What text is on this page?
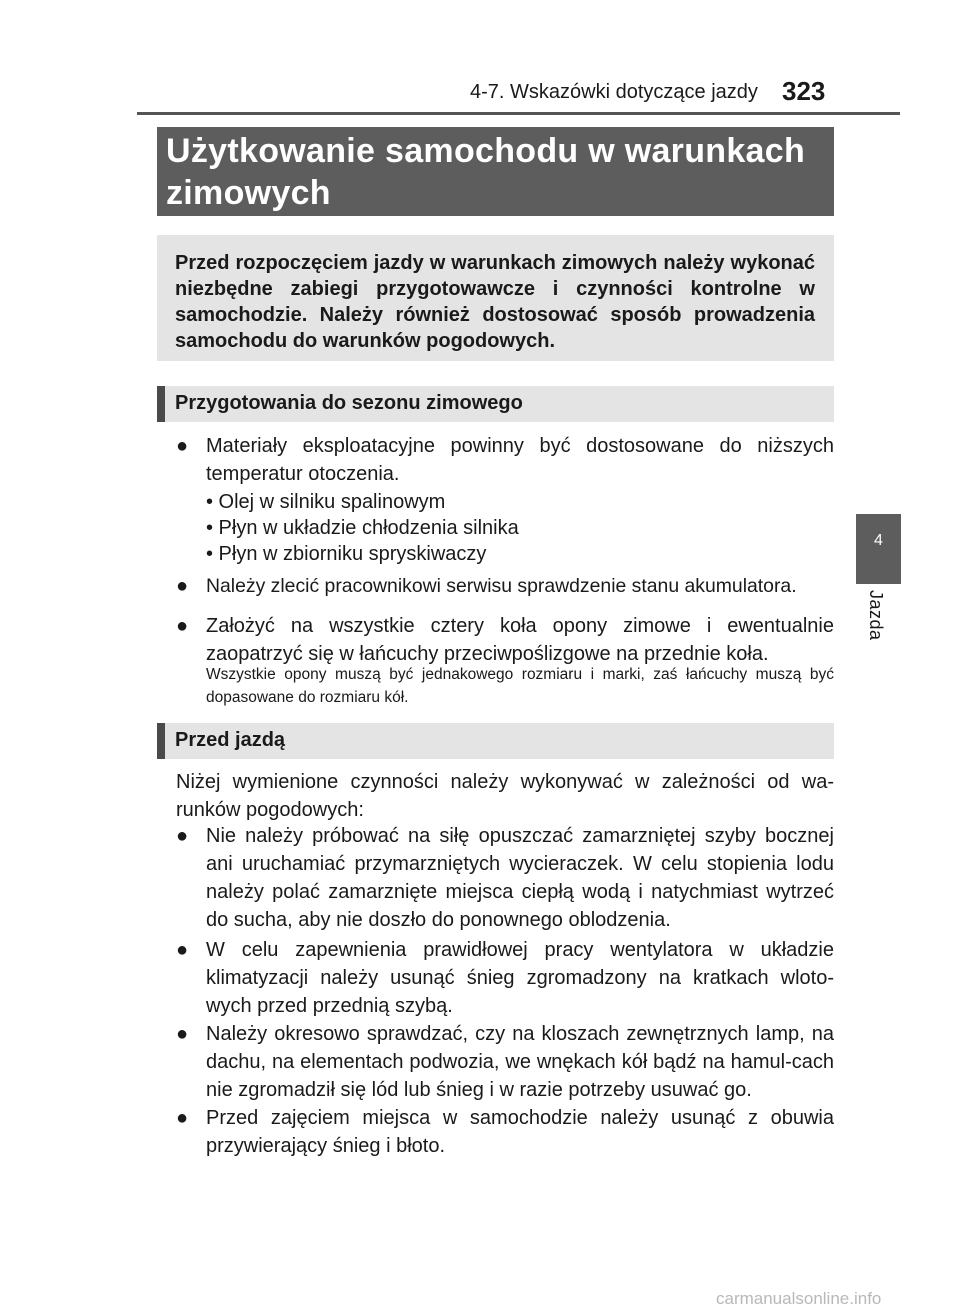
4-7. Wskazówki dotyczące jazdy 323
4
Jazda
Użytkowanie samochodu w warunkach zimowych
Przed rozpoczęciem jazdy w warunkach zimowych należy wykonać niezbędne zabiegi przygotowawcze i czynności kontrolne w samochodzie. Należy również dostosować sposób prowadzenia samochodu do warunków pogodowych.
Przygotowania do sezonu zimowego
● Materiały eksploatacyjne powinny być dostosowane do niższych temperatur otoczenia.
• Olej w silniku spalinowym
• Płyn w układzie chłodzenia silnika
• Płyn w zbiorniku spryskiwaczy
● Należy zlecić pracownikowi serwisu sprawdzenie stanu akumulatora.
● Założyć na wszystkie cztery koła opony zimowe i ewentualnie zaopatrzyć się w łańcuchy przeciwpoślizgowe na przednie koła.
Wszystkie opony muszą być jednakowego rozmiaru i marki, zaś łańcuchy muszą być dopasowane do rozmiaru kół.
Przed jazdą
Niżej wymienione czynności należy wykonywać w zależności od wa-runków pogodowych:
● Nie należy próbować na siłę opuszczać zamarzniętej szyby bocznej ani uruchamiać przymarzniętych wycieraczek. W celu stopienia lodu należy polać zamarznięte miejsca ciepłą wodą i natychmiast wytrzeć do sucha, aby nie doszło do ponownego oblodzenia.
● W celu zapewnienia prawidłowej pracy wentylatora w układzie klimatyzacji należy usunąć śnieg zgromadzony na kratkach wloto-wych przed przednią szybą.
● Należy okresowo sprawdzać, czy na kloszach zewnętrznych lamp, na dachu, na elementach podwozia, we wnękach kół bądź na hamul-cach nie zgromadził się lód lub śnieg i w razie potrzeby usuwać go.
● Przed zajęciem miejsca w samochodzie należy usunąć z obuwia przywierający śnieg i błoto.
carmanualsonline.info
